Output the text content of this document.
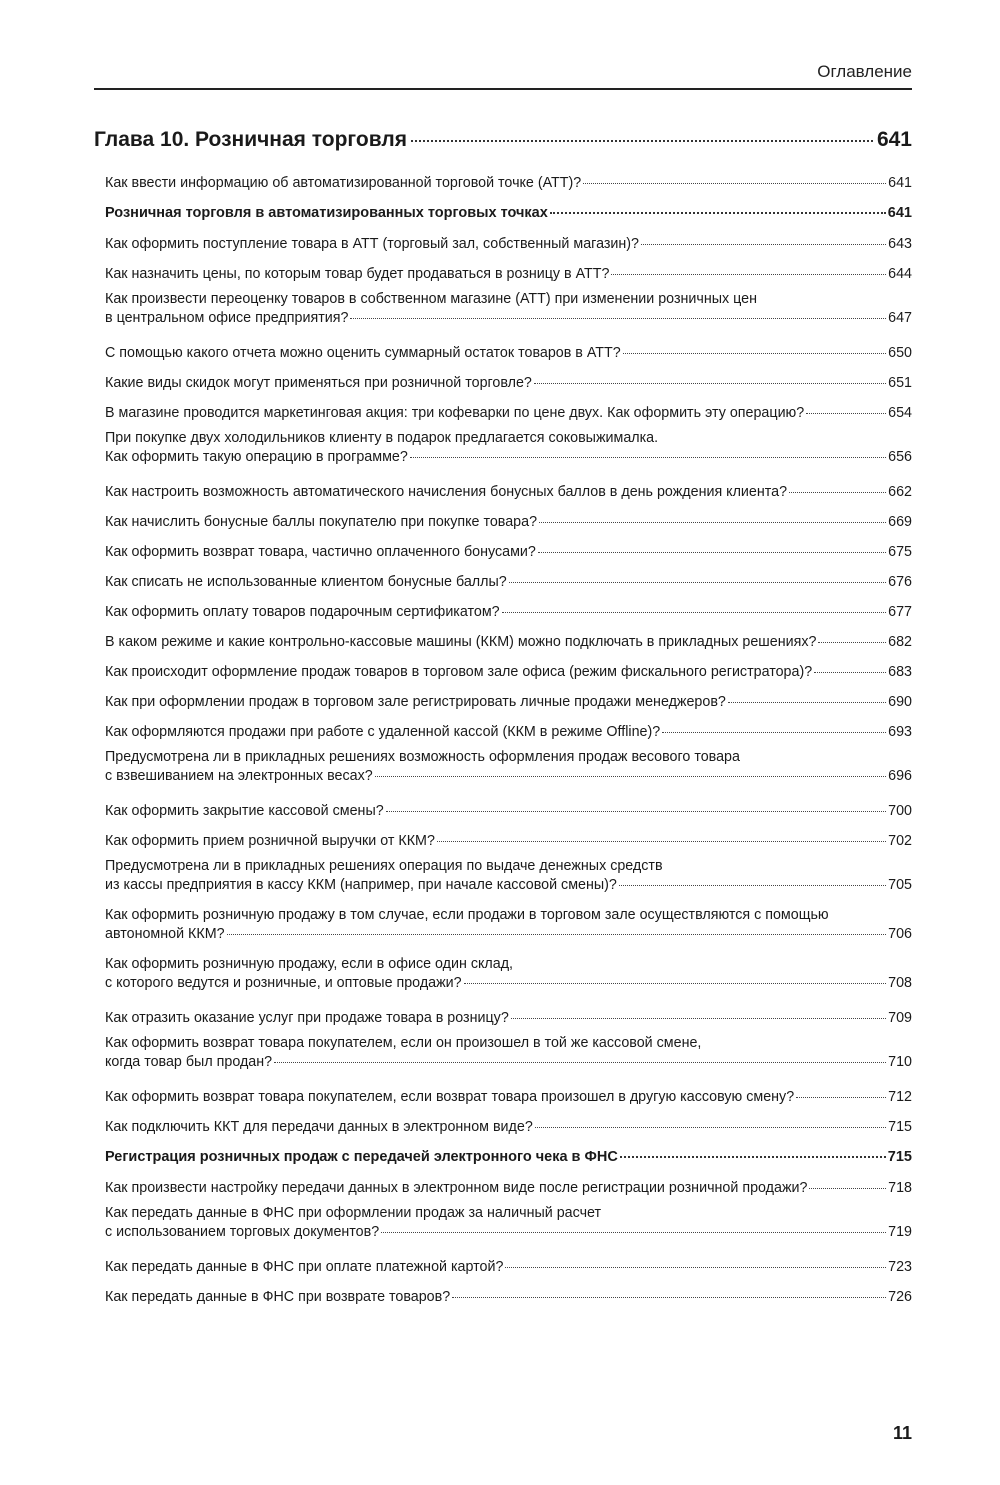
Оглавление
Глава 10. Розничная торговля	641
Как ввести информацию об автоматизированной торговой точке (АТТ)?	641
Розничная торговля в автоматизированных торговых точках	641
Как оформить поступление товара в АТТ (торговый зал, собственный магазин)?	643
Как назначить цены, по которым товар будет продаваться в розницу в АТТ?	644
Как произвести переоценку товаров в собственном магазине (АТТ) при изменении розничных цен
в центральном офисе предприятия?	647
С помощью какого отчета можно оценить суммарный остаток товаров в АТТ?	650
Какие виды скидок могут применяться при розничной торговле?	651
В магазине проводится маркетинговая акция: три кофеварки по цене двух. Как оформить эту операцию?	654
При покупке двух холодильников клиенту в подарок предлагается соковыжималка.
Как оформить такую операцию в программе?	656
Как настроить возможность автоматического начисления бонусных баллов в день рождения клиента?	662
Как начислить бонусные баллы покупателю при покупке товара?	669
Как оформить возврат товара, частично оплаченного бонусами?	675
Как списать не использованные клиентом бонусные баллы?	676
Как оформить оплату товаров подарочным сертификатом?	677
В каком режиме и какие контрольно-кассовые машины (ККМ) можно подключать в прикладных решениях?	682
Как происходит оформление продаж товаров в торговом зале офиса (режим фискального регистратора)?	683
Как при оформлении продаж в торговом зале регистрировать личные продажи менеджеров?	690
Как оформляются продажи при работе с удаленной кассой (ККМ в режиме Offline)?	693
Предусмотрена ли в прикладных решениях возможность оформления продаж весового товара
с взвешиванием на электронных весах?	696
Как оформить закрытие кассовой смены?	700
Как оформить прием розничной выручки от ККМ?	702
Предусмотрена ли в прикладных решениях операция по выдаче денежных средств
из кассы предприятия в кассу ККМ (например, при начале кассовой смены)?	705
Как оформить розничную продажу в том случае, если продажи в торговом зале осуществляются с помощью
автономной ККМ?	706
Как оформить розничную продажу, если в офисе один склад,
с которого ведутся и розничные, и оптовые продажи?	708
Как отразить оказание услуг при продаже товара в розницу?	709
Как оформить возврат товара покупателем, если он произошел в той же кассовой смене,
когда товар был продан?	710
Как оформить возврат товара покупателем, если возврат товара произошел в другую кассовую смену?	712
Как подключить ККТ для передачи данных в электронном виде?	715
Регистрация розничных продаж с передачей электронного чека в ФНС	715
Как произвести настройку передачи данных в электронном виде после регистрации розничной продажи?	718
Как передать данные в ФНС при оформлении продаж за наличный расчет
с использованием торговых документов?	719
Как передать данные в ФНС при оплате платежной картой?	723
Как передать данные в ФНС при возврате товаров?	726
11
